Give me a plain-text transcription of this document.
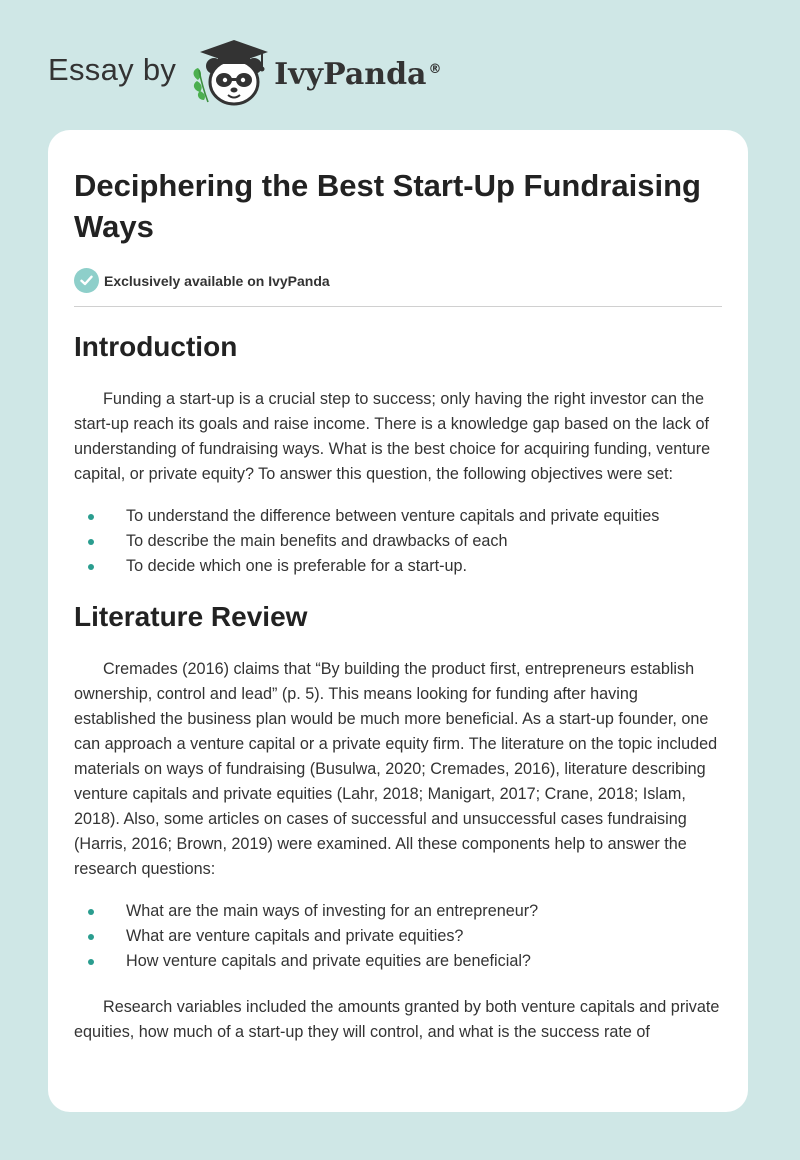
Essay by	IvyPanda ®
Deciphering the Best Start-Up Fundraising Ways
Exclusively available on IvyPanda
Introduction

Funding a start-up is a crucial step to success; only having the right investor can the start-up reach its goals and raise income. There is a knowledge gap based on the lack of understanding of fundraising ways. What is the best choice for acquiring funding, venture capital, or private equity? To answer this question, the following objectives were set:

To understand the difference between venture capitals and private equities
To describe the main benefits and drawbacks of each
To decide which one is preferable for a start-up.
Literature Review

Cremades (2016) claims that “By building the product first, entrepreneurs establish ownership, control and lead” (p. 5). This means looking for funding after having established the business plan would be much more beneficial. As a start-up founder, one can approach a venture capital or a private equity firm. The literature on the topic included materials on ways of fundraising (Busulwa, 2020; Cremades, 2016), literature describing venture capitals and private equities (Lahr, 2018; Manigart, 2017; Crane, 2018; Islam, 2018). Also, some articles on cases of successful and unsuccessful cases fundraising (Harris, 2016; Brown, 2019) were examined. All these components help to answer the research questions:

What are the main ways of investing for an entrepreneur?
What are venture capitals and private equities?
How venture capitals and private equities are beneficial?

Research variables included the amounts granted by both venture capitals and private equities, how much of a start-up they will control, and what is the success rate of
